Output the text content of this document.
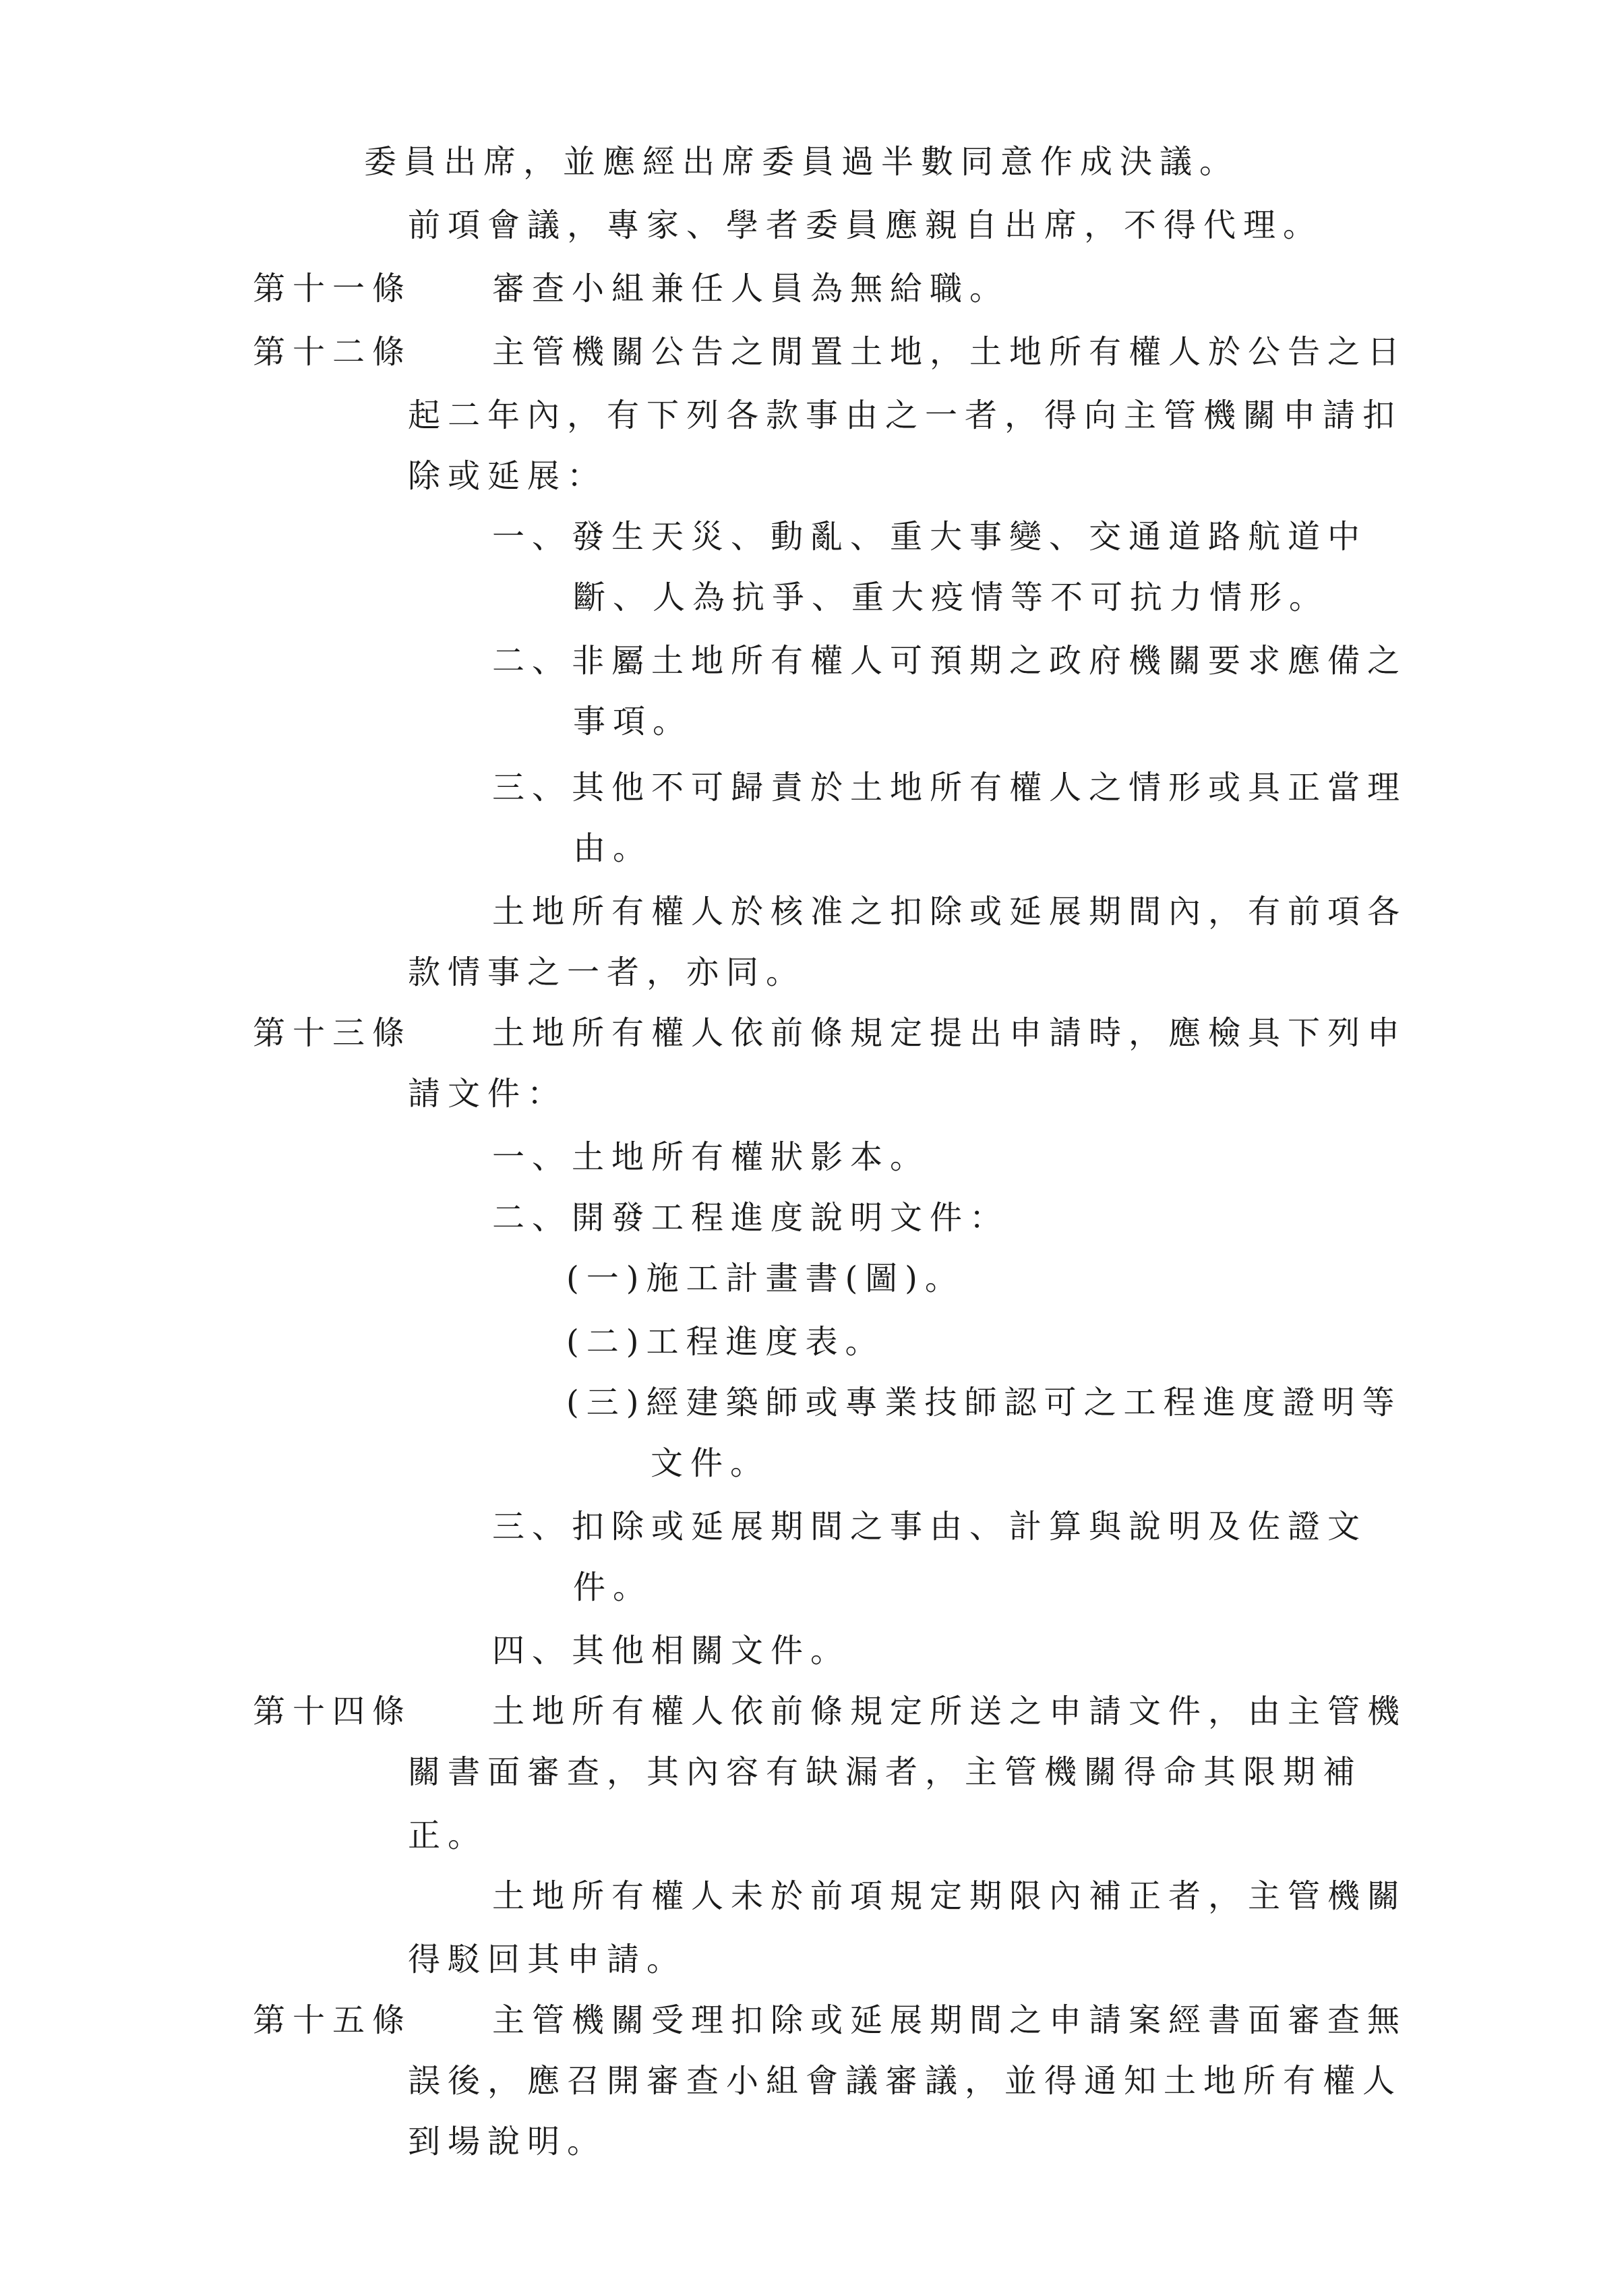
委員出席，並應經出席委員過半數同意作成決議。
前項會議，專家、學者委員應親自出席，不得代理。
第十一條 審查小組兼任人員為無給職。
第十二條 主管機關公告之閒置土地，土地所有權人於公告之日
起二年內，有下列各款事由之一者，得向主管機關申請扣
除或延展：
一、發生天災、動亂、重大事變、交通道路航道中
斷、人為抗爭、重大疫情等不可抗力情形。
二、非屬土地所有權人可預期之政府機關要求應備之
事項。
三、其他不可歸責於土地所有權人之情形或具正當理
由。
土地所有權人於核准之扣除或延展期間內，有前項各
款情事之一者，亦同。
第十三條 土地所有權人依前條規定提出申請時，應檢具下列申
請文件：
一、土地所有權狀影本。
二、開發工程進度說明文件：
(一)施工計畫書(圖)。
(二)工程進度表。
(三)經建築師或專業技師認可之工程進度證明等
文件。
三、扣除或延展期間之事由、計算與說明及佐證文
件。
四、其他相關文件。
第十四條 土地所有權人依前條規定所送之申請文件，由主管機
關書面審查，其內容有缺漏者，主管機關得命其限期補
正。
土地所有權人未於前項規定期限內補正者，主管機關
得駁回其申請。
第十五條 主管機關受理扣除或延展期間之申請案經書面審查無
誤後，應召開審查小組會議審議，並得通知土地所有權人
到場說明。
